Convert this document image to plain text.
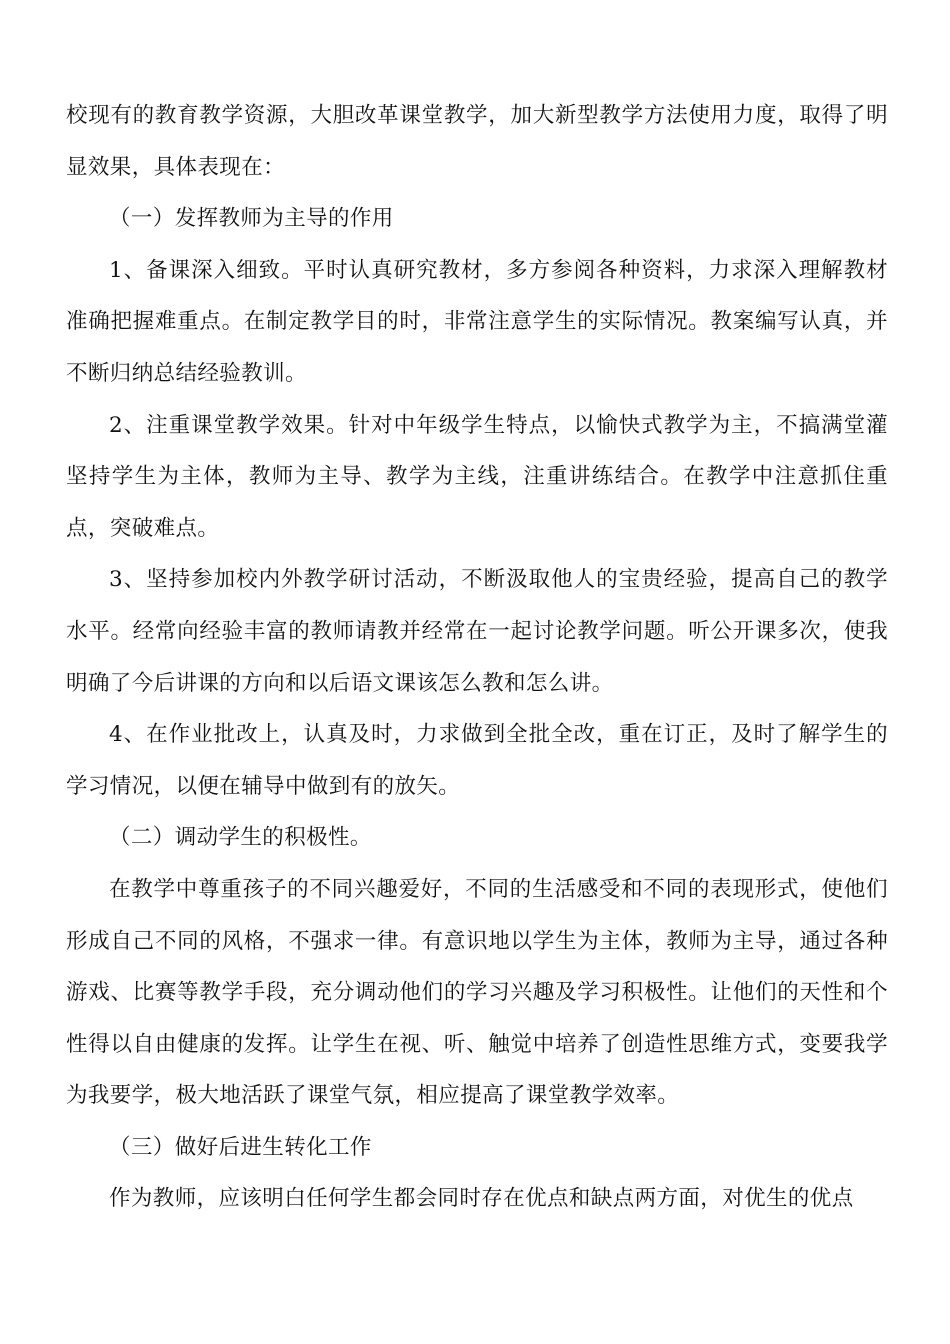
校现有的教育教学资源，大胆改革课堂教学，加大新型教学方法使用力度，取得了明显效果，具体表现在：

（一）发挥教师为主导的作用

1、备课深入细致。平时认真研究教材，多方参阅各种资料，力求深入理解教材准确把握难重点。在制定教学目的时，非常注意学生的实际情况。教案编写认真，并不断归纳总结经验教训。

2、注重课堂教学效果。针对中年级学生特点，以愉快式教学为主，不搞满堂灌坚持学生为主体，教师为主导、教学为主线，注重讲练结合。在教学中注意抓住重点，突破难点。

3、坚持参加校内外教学研讨活动，不断汲取他人的宝贵经验，提高自己的教学水平。经常向经验丰富的教师请教并经常在一起讨论教学问题。听公开课多次，使我明确了今后讲课的方向和以后语文课该怎么教和怎么讲。

4、在作业批改上，认真及时，力求做到全批全改，重在订正，及时了解学生的学习情况，以便在辅导中做到有的放矢。

（二）调动学生的积极性。

在教学中尊重孩子的不同兴趣爱好，不同的生活感受和不同的表现形式，使他们形成自己不同的风格，不强求一律。有意识地以学生为主体，教师为主导，通过各种游戏、比赛等教学手段，充分调动他们的学习兴趣及学习积极性。让他们的天性和个性得以自由健康的发挥。让学生在视、听、触觉中培养了创造性思维方式，变要我学为我要学，极大地活跃了课堂气氛，相应提高了课堂教学效率。

（三）做好后进生转化工作

作为教师，应该明白任何学生都会同时存在优点和缺点两方面，对优生的优点
